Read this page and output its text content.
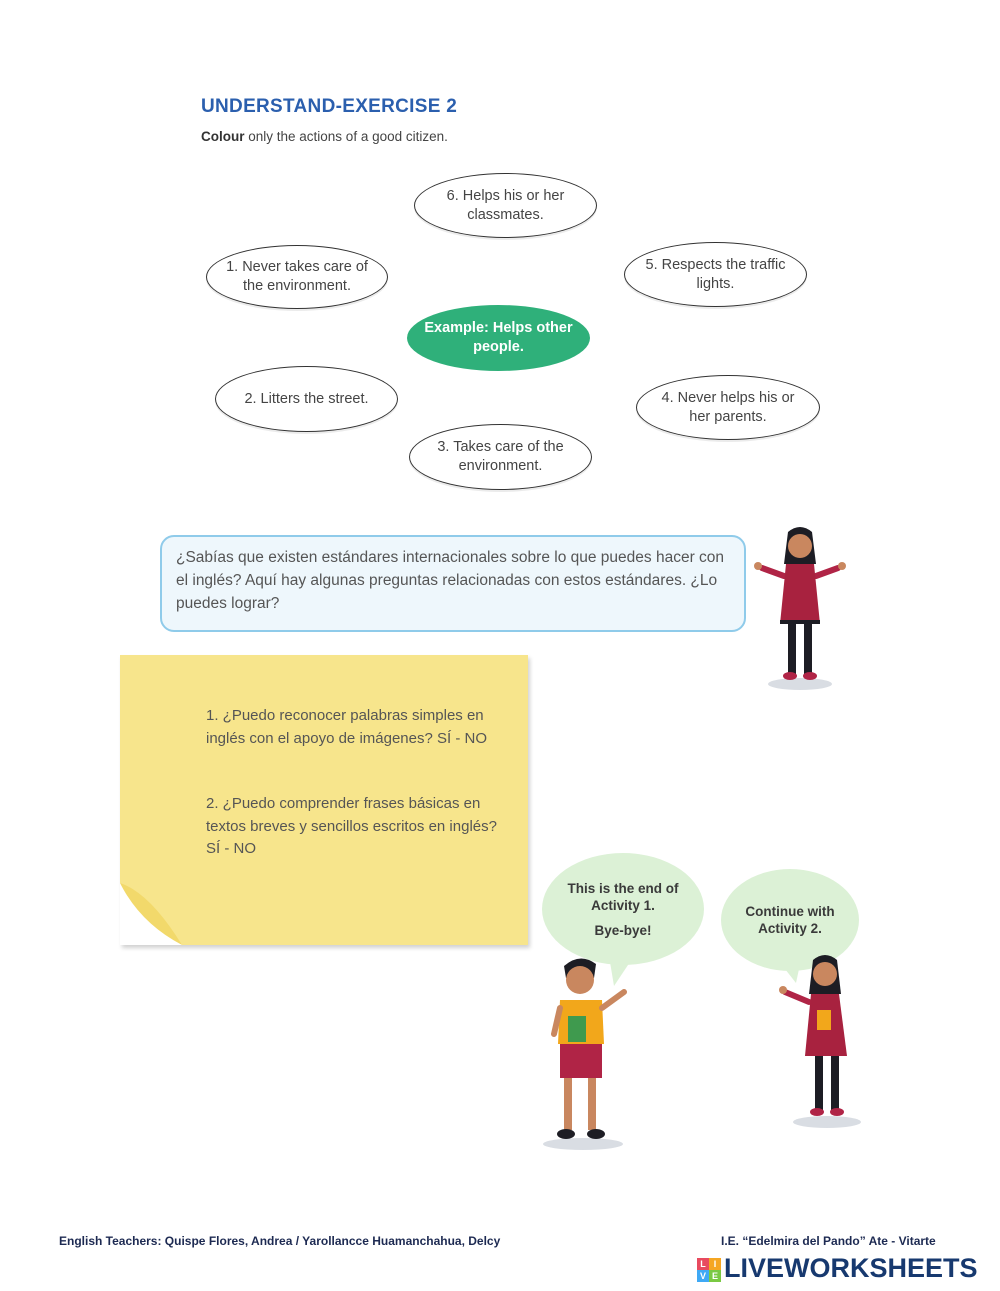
UNDERSTAND-EXERCISE 2
Colour only the actions of a good citizen.
6. Helps his or her classmates.
1. Never takes care of the environment.
5. Respects the traffic lights.
Example: Helps other people.
2. Litters the street.	4. Never helps his or her parents.
3. Takes care of the environment.
¿Sabías que existen estándares internacionales sobre lo que puedes hacer con el inglés? Aquí hay algunas preguntas relacionadas con estos estándares. ¿Lo puedes lograr?
1. ¿Puedo reconocer palabras simples en inglés con el apoyo de imágenes? SÍ - NO
2. ¿Puedo comprender frases básicas en textos breves y sencillos escritos en inglés? SÍ - NO
This is the end of Activity 1.
Bye-bye!
Continue with Activity 2.
English Teachers: Quispe Flores, Andrea / Yarollancce Huamanchahua, Delcy	I.E. “Edelmira del Pando” Ate - Vitarte
L I
V E LIVEWORKSHEETS
